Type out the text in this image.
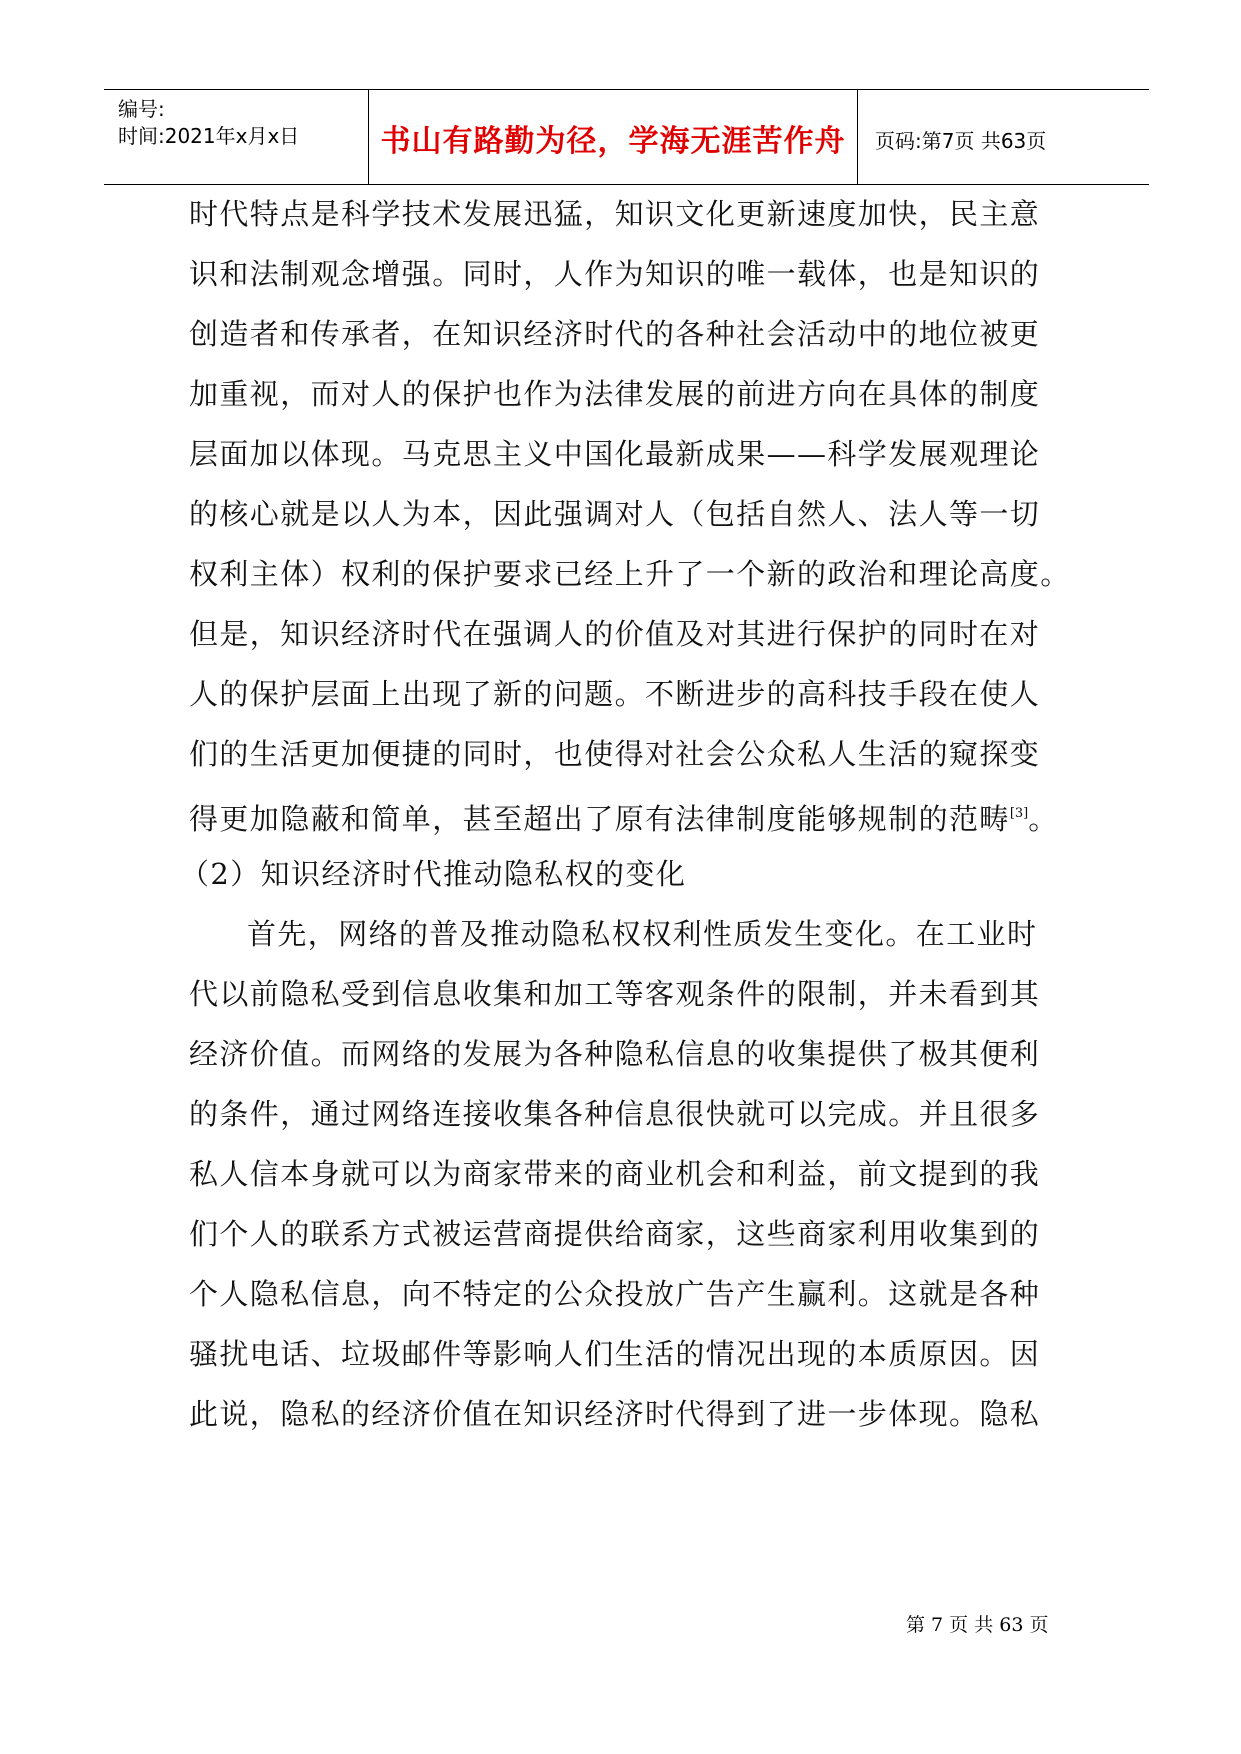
编号:
时间:2021年x月x日	书山有路勤为径，学海无涯苦作舟	页码:第7页 共63页
时代特点是科学技术发展迅猛，知识文化更新速度加快，民主意
识和法制观念增强。同时，人作为知识的唯一载体，也是知识的
创造者和传承者，在知识经济时代的各种社会活动中的地位被更
加重视，而对人的保护也作为法律发展的前进方向在具体的制度
层面加以体现。马克思主义中国化最新成果——科学发展观理论
的核心就是以人为本，因此强调对人（包括自然人、法人等一切
权利主体）权利的保护要求已经上升了一个新的政治和理论高度。
但是，知识经济时代在强调人的价值及对其进行保护的同时在对
人的保护层面上出现了新的问题。不断进步的高科技手段在使人
们的生活更加便捷的同时，也使得对社会公众私人生活的窥探变
得更加隐蔽和简单，甚至超出了原有法律制度能够规制的范畴[3]。
（2）知识经济时代推动隐私权的变化
首先，网络的普及推动隐私权权利性质发生变化。在工业时
代以前隐私受到信息收集和加工等客观条件的限制，并未看到其
经济价值。而网络的发展为各种隐私信息的收集提供了极其便利
的条件，通过网络连接收集各种信息很快就可以完成。并且很多
私人信本身就可以为商家带来的商业机会和利益，前文提到的我
们个人的联系方式被运营商提供给商家，这些商家利用收集到的
个人隐私信息，向不特定的公众投放广告产生赢利。这就是各种
骚扰电话、垃圾邮件等影响人们生活的情况出现的本质原因。因
此说，隐私的经济价值在知识经济时代得到了进一步体现。隐私
第 7 页 共 63 页
